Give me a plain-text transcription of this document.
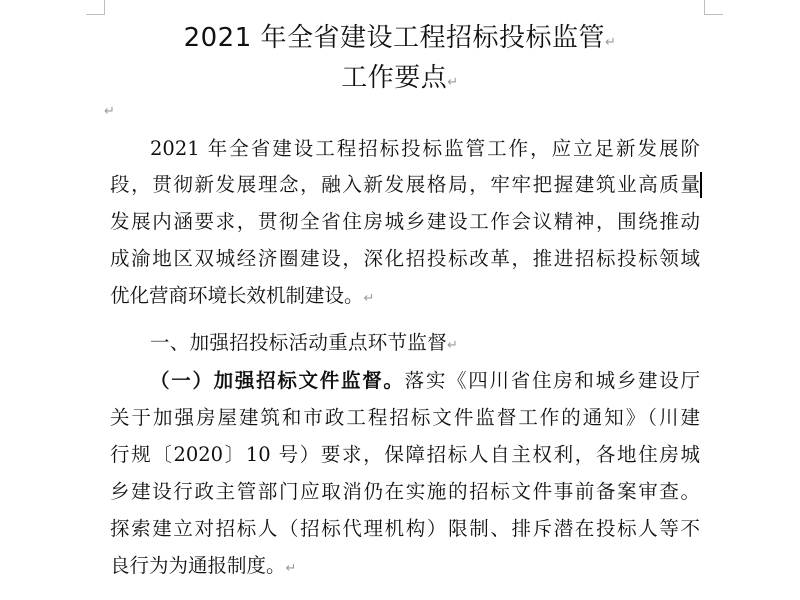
2021 年全省建设工程招标投标监管↵
工作要点↵
↵
2021 年全省建设工程招标投标监管工作，应立足新发展阶
段，贯彻新发展理念，融入新发展格局，牢牢把握建筑业高质量
发展内涵要求，贯彻全省住房城乡建设工作会议精神，围绕推动
成渝地区双城经济圈建设，深化招投标改革，推进招标投标领域
优化营商环境长效机制建设。↵
一、加强招投标活动重点环节监督↵
（一）加强招标文件监督。落实《四川省住房和城乡建设厅
关于加强房屋建筑和市政工程招标文件监督工作的通知》（川建
行规〔2020〕10 号）要求，保障招标人自主权利，各地住房城
乡建设行政主管部门应取消仍在实施的招标文件事前备案审查。
探索建立对招标人（招标代理机构）限制、排斥潜在投标人等不
良行为为通报制度。↵
